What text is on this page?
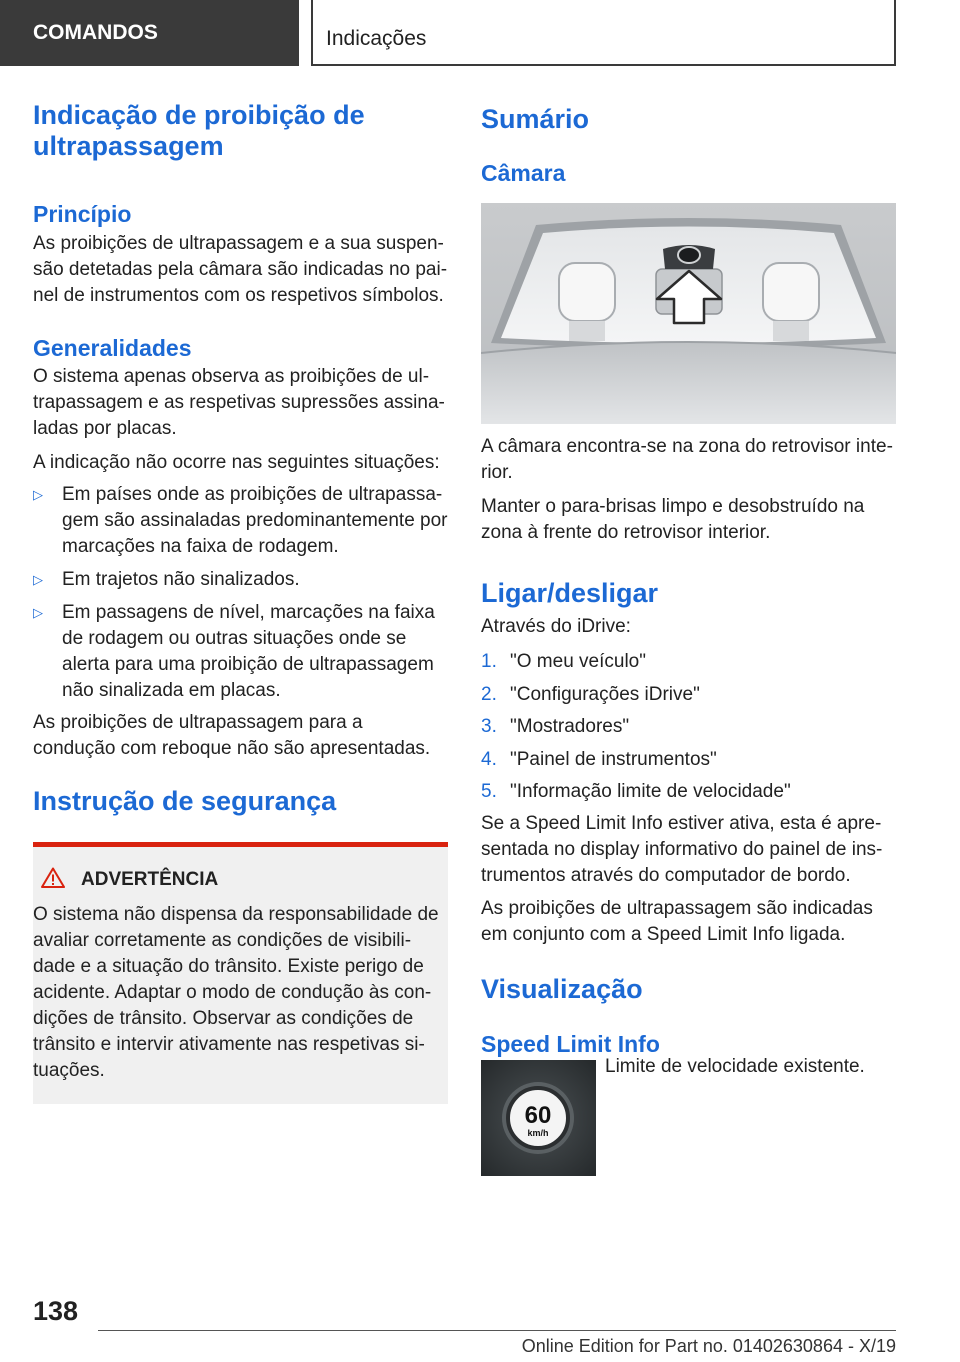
COMANDOS	Indicações
Indicação de proibição de ultrapassagem
Princípio

As proibições de ultrapassagem e a sua suspensão detetadas pela câmara são indicadas no painel de instrumentos com os respetivos símbolos.

Generalidades

O sistema apenas observa as proibições de ultrapassagem e as respetivas supressões assinaladas por placas.

A indicação não ocorre nas seguintes situações:

▷ Em países onde as proibições de ultrapassagem são assinaladas predominantemente por marcações na faixa de rodagem.
▷ Em trajetos não sinalizados.
▷ Em passagens de nível, marcações na faixa de rodagem ou outras situações onde se alerta para uma proibição de ultrapassagem não sinalizada em placas.

As proibições de ultrapassagem para a condução com reboque não são apresentadas.

Instrução de segurança
ADVERTÊNCIA

O sistema não dispensa da responsabilidade de avaliar corretamente as condições de visibilidade e a situação do trânsito. Existe perigo de acidente. Adaptar o modo de condução às condições de trânsito. Observar as condições de trânsito e intervir ativamente nas respetivas situações.

Sumário
Câmara

A câmara encontra-se na zona do retrovisor interior.

Manter o para-brisas limpo e desobstruído na zona à frente do retrovisor interior.

Ligar/desligar

Através do iDrive:

1. "O meu veículo"
2. "Configurações iDrive"
3. "Mostradores"
4. "Painel de instrumentos"
5. "Informação limite de velocidade"

Se a Speed Limit Info estiver ativa, esta é apresentada no display informativo do painel de instrumentos através do computador de bordo.

As proibições de ultrapassagem são indicadas em conjunto com a Speed Limit Info ligada.

Visualização
Speed Limit Info
60
km/h

Limite de velocidade existente.

138
Online Edition for Part no. 01402630864 - X/19
